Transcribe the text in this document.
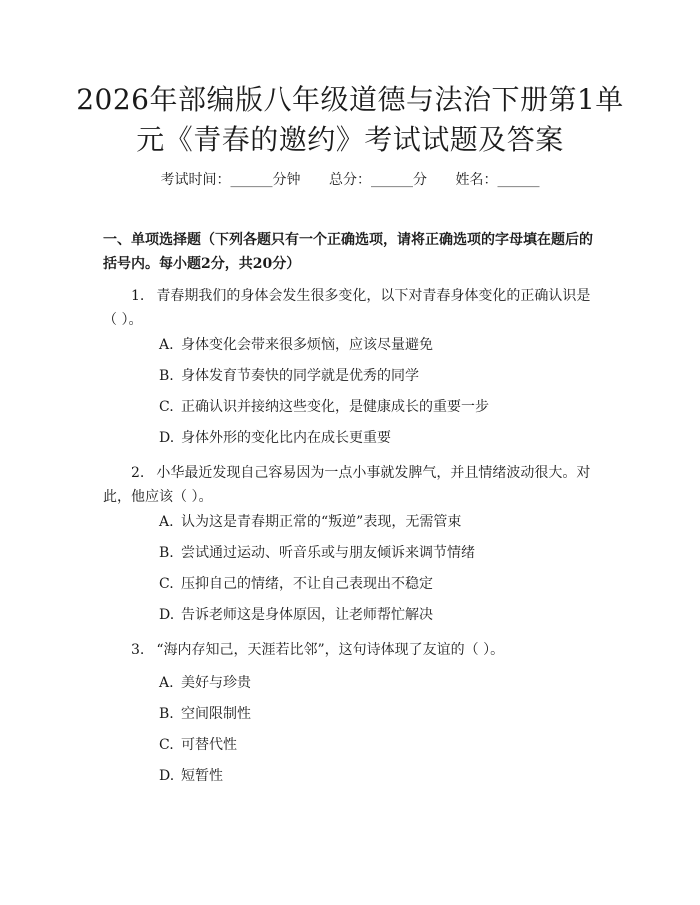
2026年部编版八年级道德与法治下册第1单
元《青春的邀约》考试试题及答案
考试时间：______分钟 总分：______分 姓名：______
一、单项选择题（下列各题只有一个正确选项，请将正确选项的字母填在题后的括号内。每小题2分，共20分）
1. 青春期我们的身体会发生很多变化，以下对青春身体变化的正确认识是（ ）。
A. 身体变化会带来很多烦恼，应该尽量避免
B. 身体发育节奏快的同学就是优秀的同学
C. 正确认识并接纳这些变化，是健康成长的重要一步
D. 身体外形的变化比内在成长更重要
2. 小华最近发现自己容易因为一点小事就发脾气，并且情绪波动很大。对此，他应该（ ）。
A. 认为这是青春期正常的“叛逆”表现，无需管束
B. 尝试通过运动、听音乐或与朋友倾诉来调节情绪
C. 压抑自己的情绪，不让自己表现出不稳定
D. 告诉老师这是身体原因，让老师帮忙解决
3. “海内存知己，天涯若比邻”，这句诗体现了友谊的（ ）。
A. 美好与珍贵
B. 空间限制性
C. 可替代性
D. 短暂性
